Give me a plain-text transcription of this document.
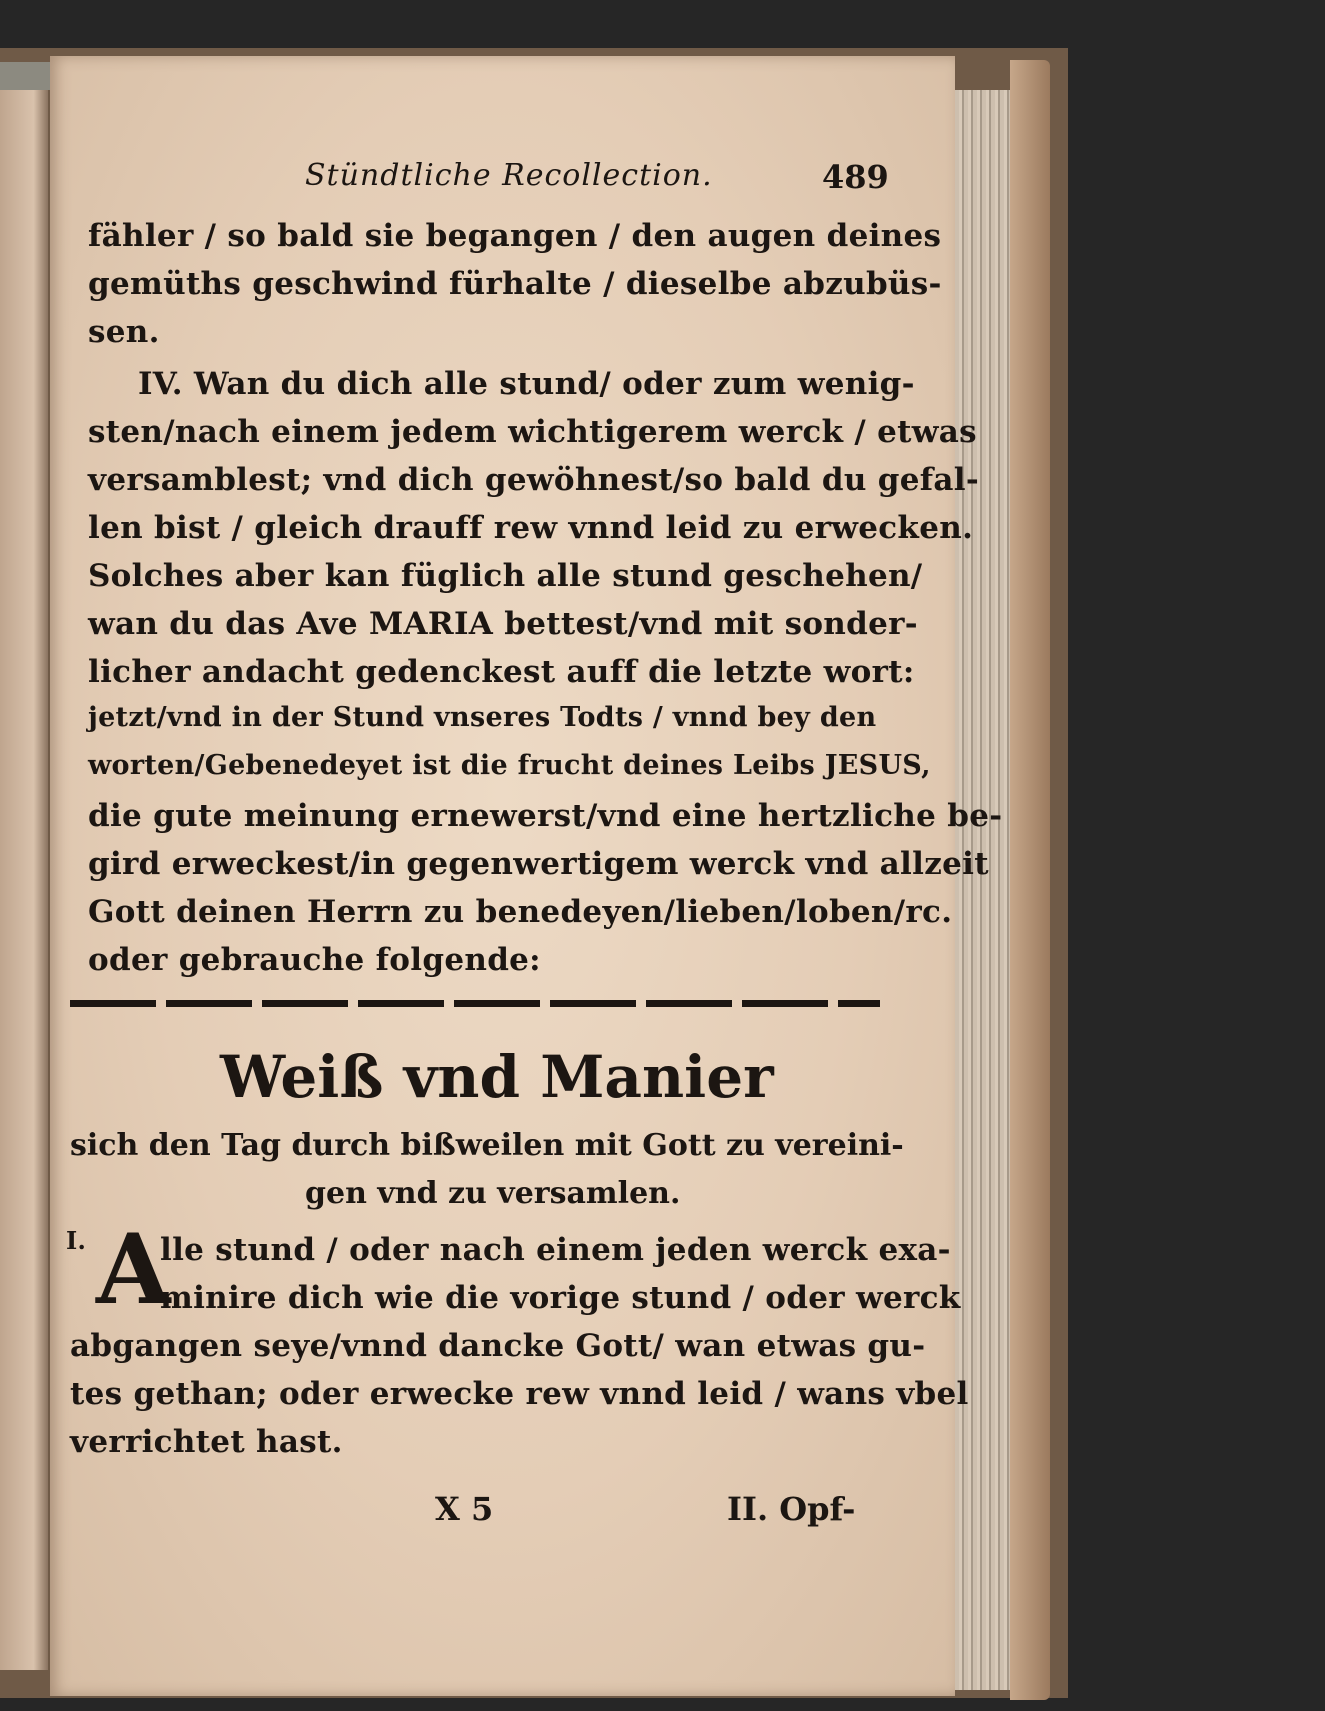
Stündtliche Recollection.	489
fähler / so bald sie begangen / den augen deines
gemüths geschwind fürhalte / dieselbe abzubüs-
sen.
IV. Wan du dich alle stund/ oder zum wenig-
sten/nach einem jedem wichtigerem werck / etwas
versamblest; vnd dich gewöhnest/so bald du gefal-
len bist / gleich drauff rew vnnd leid zu erwecken.
Solches aber kan füglich alle stund geschehen/
wan du das Ave MARIA bettest/vnd mit sonder-
licher andacht gedenckest auff die letzte wort:
jetzt/vnd in der Stund vnseres Todts / vnnd bey den
worten/Gebenedeyet ist die frucht deines Leibs JESUS,
die gute meinung ernewerst/vnd eine hertzliche be-
gird erweckest/in gegenwertigem werck vnd allzeit
Gott deinen Herrn zu benedeyen/lieben/loben/rc.
oder gebrauche folgende:
Weiß vnd Manier
sich den Tag durch bißweilen mit Gott zu vereini-
gen vnd zu versamlen.
I. A
lle stund / oder nach einem jeden werck exa-
minire dich wie die vorige stund / oder werck
abgangen seye/vnnd dancke Gott/ wan etwas gu-
tes gethan; oder erwecke rew vnnd leid / wans vbel
verrichtet hast.
X 5	II. Opf-
